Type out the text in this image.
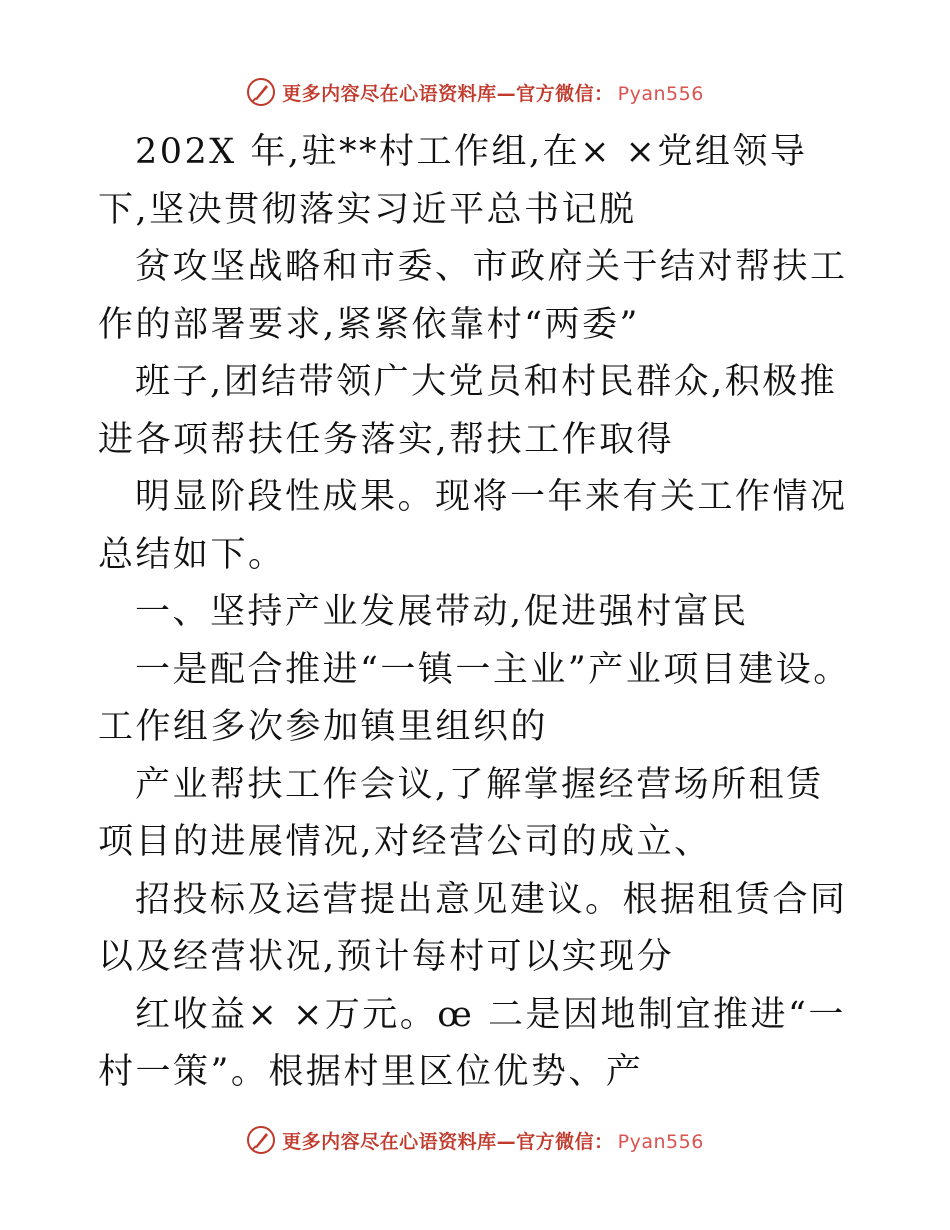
更多内容尽在心语资料库—官方微信： Pyan556

202X 年,驻**村工作组,在× ×党组领导下,坚决贯彻落实习近平总书记脱

贫攻坚战略和市委、市政府关于结对帮扶工作的部署要求,紧紧依靠村“两委”

班子,团结带领广大党员和村民群众,积极推进各项帮扶任务落实,帮扶工作取得

明显阶段性成果。现将一年来有关工作情况总结如下。

一、坚持产业发展带动,促进强村富民

一是配合推进“一镇一主业”产业项目建设。工作组多次参加镇里组织的

产业帮扶工作会议,了解掌握经营场所租赁项目的进展情况,对经营公司的成立、

招投标及运营提出意见建议。根据租赁合同以及经营状况,预计每村可以实现分

红收益× ×万元。œ 二是因地制宜推进“一村一策”。根据村里区位优势、产

更多内容尽在心语资料库—官方微信： Pyan556
